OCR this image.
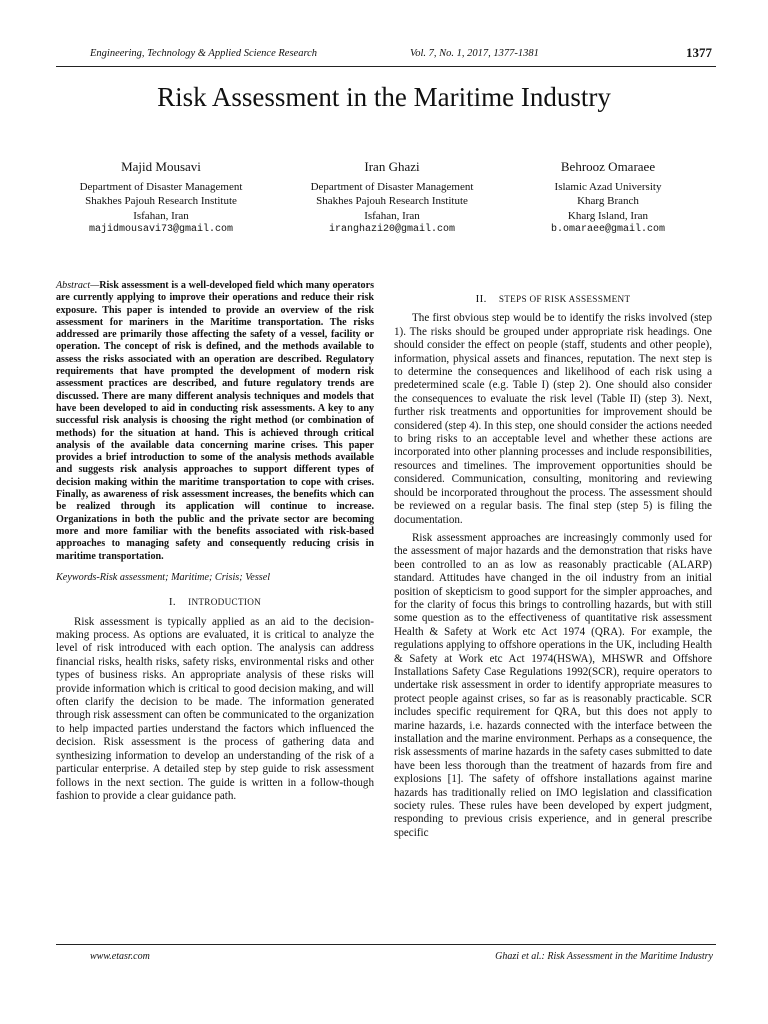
Engineering, Technology & Applied Science Research	Vol. 7, No. 1, 2017, 1377-1381	1377
Risk Assessment in the Maritime Industry
Majid Mousavi
Department of Disaster Management
Shakhes Pajouh Research Institute
Isfahan, Iran
majidmousavi73@gmail.com
Iran Ghazi
Department of Disaster Management
Shakhes Pajouh Research Institute
Isfahan, Iran
iranghazi20@gmail.com
Behrooz Omaraee
Islamic Azad University
Kharg Branch
Kharg Island, Iran
b.omaraee@gmail.com
Abstract—Risk assessment is a well-developed field which many operators are currently applying to improve their operations and reduce their risk exposure. This paper is intended to provide an overview of the risk assessment for mariners in the Maritime transportation. The risks addressed are primarily those affecting the safety of a vessel, facility or operation. The concept of risk is defined, and the methods available to assess the risks associated with an operation are described. Regulatory requirements that have prompted the development of modern risk assessment practices are described, and future regulatory trends are discussed. There are many different analysis techniques and models that have been developed to aid in conducting risk assessments. A key to any successful risk analysis is choosing the right method (or combination of methods) for the situation at hand. This is achieved through critical analysis of the available data concerning marine crises. This paper provides a brief introduction to some of the analysis methods available and suggests risk analysis approaches to support different types of decision making within the maritime transportation to cope with crises. Finally, as awareness of risk assessment increases, the benefits which can be realized through its application will continue to increase. Organizations in both the public and the private sector are becoming more and more familiar with the benefits associated with risk-based approaches to managing safety and consequently reducing crisis in maritime transportation.
Keywords-Risk assessment; Maritime; Crisis; Vessel
I. INTRODUCTION

Risk assessment is typically applied as an aid to the decision-making process. As options are evaluated, it is critical to analyze the level of risk introduced with each option. The analysis can address financial risks, health risks, safety risks, environmental risks and other types of business risks. An appropriate analysis of these risks will provide information which is critical to good decision making, and will often clarify the decision to be made. The information generated through risk assessment can often be communicated to the organization to help impacted parties understand the factors which influenced the decision. Risk assessment is the process of gathering data and synthesizing information to develop an understanding of the risk of a particular enterprise. A detailed step by step guide to risk assessment follows in the next section. The guide is written in a follow-though fashion to provide a clear guidance path.

II. STEPS OF RISK ASSESSMENT

The first obvious step would be to identify the risks involved (step 1). The risks should be grouped under appropriate risk headings. One should consider the effect on people (staff, students and other people), information, physical assets and finances, reputation. The next step is to determine the consequences and likelihood of each risk using a predetermined scale (e.g. Table I) (step 2). One should also consider the consequences to evaluate the risk level (Table II) (step 3). Next, further risk treatments and opportunities for improvement should be considered (step 4). In this step, one should consider the actions needed to bring risks to an acceptable level and whether these actions are incorporated into other planning processes and include responsibilities, resources and timelines. The improvement opportunities should be considered. Communication, consulting, monitoring and reviewing should be incorporated throughout the process. The assessment should be reviewed on a regular basis. The final step (step 5) is filing the documentation.

Risk assessment approaches are increasingly commonly used for the assessment of major hazards and the demonstration that risks have been controlled to an as low as reasonably practicable (ALARP) standard. Attitudes have changed in the oil industry from an initial position of skepticism to good support for the simpler approaches, and for the clarity of focus this brings to controlling hazards, but with still some question as to the effectiveness of quantitative risk assessment Health & Safety at Work etc Act 1974 (QRA). For example, the regulations applying to offshore operations in the UK, including Health & Safety at Work etc Act 1974(HSWA), MHSWR and Offshore Installations Safety Case Regulations 1992(SCR), require operators to undertake risk assessment in order to identify appropriate measures to protect people against crises, so far as is reasonably practicable. SCR includes specific requirement for QRA, but this does not apply to marine hazards, i.e. hazards connected with the interface between the installation and the marine environment. Perhaps as a consequence, the risk assessments of marine hazards in the safety cases submitted to date have been less thorough than the treatment of hazards from fire and explosions [1]. The safety of offshore installations against marine hazards has traditionally relied on IMO legislation and classification society rules. These rules have been developed by expert judgment, responding to previous crisis experience, and in general prescribe specific

www.etasr.com	Ghazi et al.: Risk Assessment in the Maritime Industry
